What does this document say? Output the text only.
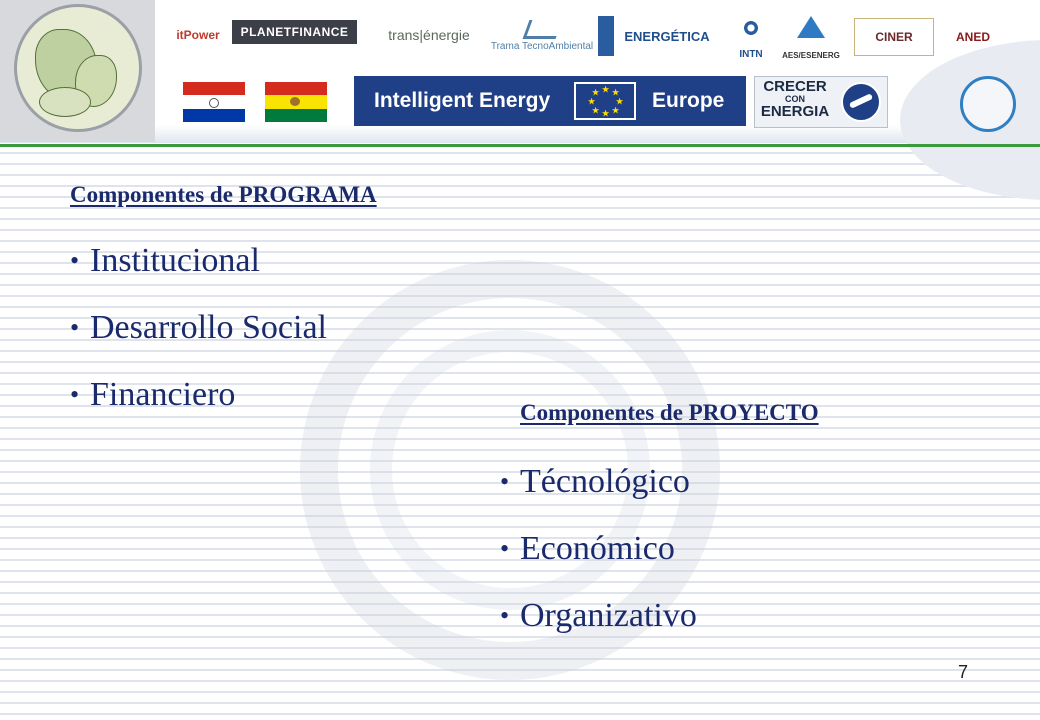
itPower	PLANETFINANCE	trans|énergie
Trama TecnoAmbiental
ENERGÉTICA
INTN AES/ESENERG
CINER	ANED
Intelligent Energy	★ ★
★
★
★
★
★
★	Europe
CRECER
CON
ENERGIA
Componentes de PROGRAMA
• Institucional
• Desarrollo Social
• Financiero	Componentes de PROYECTO
• Técnológico
• Económico
• Organizativo
7
